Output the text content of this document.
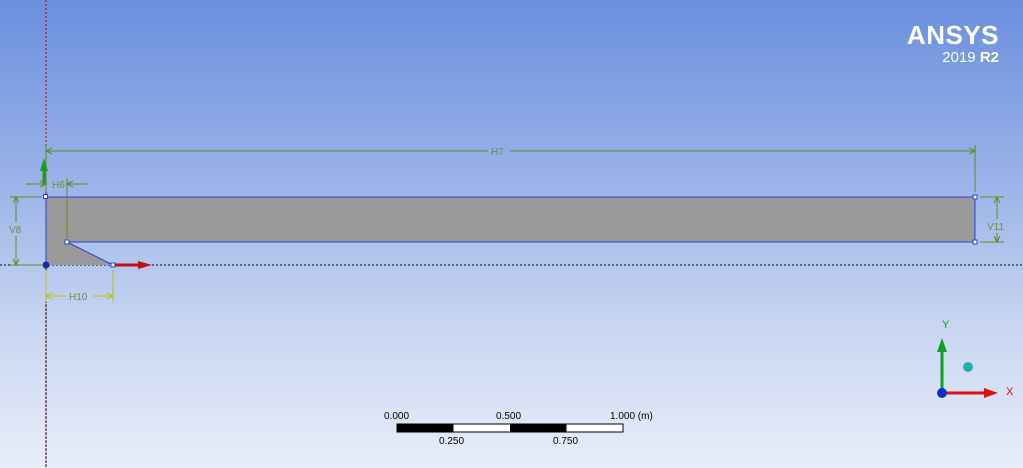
H7
H6
V8	V11
H10
0.000	0.500	1.000 (m)
0.250	0.750
Y
X
ANSYS
2019 R2
